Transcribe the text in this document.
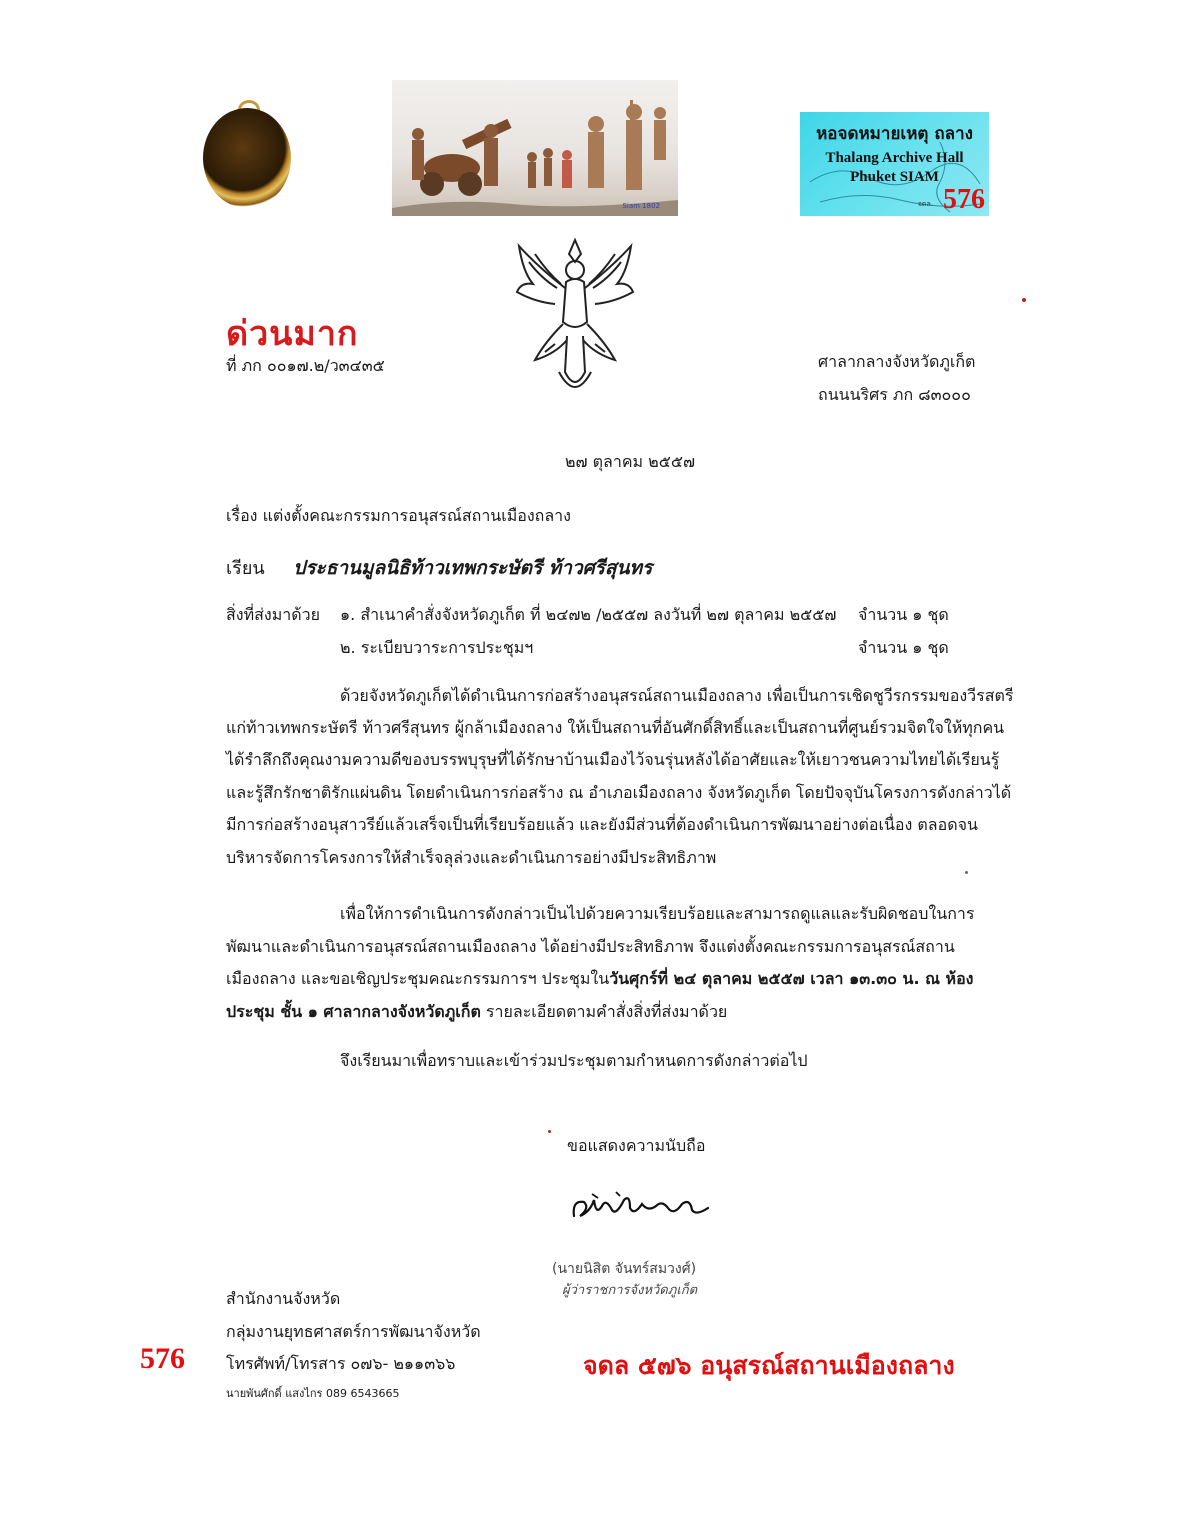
Siam 1802
หอจดหมายเหตุ ถลาง
Thalang Archive Hall
Phuket SIAM
จดล. 576
ด่วนมาก
ที่ ภก ๐๐๑๗.๒/ว๓๔๓๕	ศาลากลางจังหวัดภูเก็ต
ถนนนริศร ภก ๘๓๐๐๐
๒๗ ตุลาคม ๒๕๕๗
เรื่อง แต่งตั้งคณะกรรมการอนุสรณ์สถานเมืองถลาง
เรียน ประธานมูลนิธิท้าวเทพกระษัตรี ท้าวศรีสุนทร
สิ่งที่ส่งมาด้วย ๑. สำเนาคำสั่งจังหวัดภูเก็ต ที่ ๒๔๗๒ /๒๕๕๗ ลงวันที่ ๒๗ ตุลาคม ๒๕๕๗ จำนวน ๑ ชุด
๒. ระเบียบวาระการประชุมฯ	จำนวน ๑ ชุด
ด้วยจังหวัดภูเก็ตได้ดำเนินการก่อสร้างอนุสรณ์สถานเมืองถลาง เพื่อเป็นการเชิดชูวีรกรรมของวีรสตรี
แก่ท้าวเทพกระษัตรี ท้าวศรีสุนทร ผู้กล้าเมืองถลาง ให้เป็นสถานที่อันศักดิ์สิทธิ์และเป็นสถานที่ศูนย์รวมจิตใจให้ทุกคน
ได้รำลึกถึงคุณงามความดีของบรรพบุรุษที่ได้รักษาบ้านเมืองไว้จนรุ่นหลังได้อาศัยและให้เยาวชนความไทยได้เรียนรู้
และรู้สึกรักชาติรักแผ่นดิน โดยดำเนินการก่อสร้าง ณ อำเภอเมืองถลาง จังหวัดภูเก็ต โดยปัจจุบันโครงการดังกล่าวได้
มีการก่อสร้างอนุสาวรีย์แล้วเสร็จเป็นที่เรียบร้อยแล้ว และยังมีส่วนที่ต้องดำเนินการพัฒนาอย่างต่อเนื่อง ตลอดจน
บริหารจัดการโครงการให้สำเร็จลุล่วงและดำเนินการอย่างมีประสิทธิภาพ
เพื่อให้การดำเนินการดังกล่าวเป็นไปด้วยความเรียบร้อยและสามารถดูแลและรับผิดชอบในการ
พัฒนาและดำเนินการอนุสรณ์สถานเมืองถลาง ได้อย่างมีประสิทธิภาพ จึงแต่งตั้งคณะกรรมการอนุสรณ์สถาน
เมืองถลาง และขอเชิญประชุมคณะกรรมการฯ ประชุมในวันศุกร์ที่ ๒๔ ตุลาคม ๒๕๕๗ เวลา ๑๓.๓๐ น. ณ ห้อง
ประชุม ชั้น ๑ ศาลากลางจังหวัดภูเก็ต รายละเอียดตามคำสั่งสิ่งที่ส่งมาด้วย
จึงเรียนมาเพื่อทราบและเข้าร่วมประชุมตามกำหนดการดังกล่าวต่อไป
ขอแสดงความนับถือ
(นายนิสิต จันทร์สมวงศ์)
ผู้ว่าราชการจังหวัดภูเก็ต
สำนักงานจังหวัด
กลุ่มงานยุทธศาสตร์การพัฒนาจังหวัด
โทรศัพท์/โทรสาร ๐๗๖- ๒๑๑๓๖๖
นายพันศักดิ์ แสงไกร 089 6543665
576	จดล ๕๗๖ อนุสรณ์สถานเมืองถลาง
